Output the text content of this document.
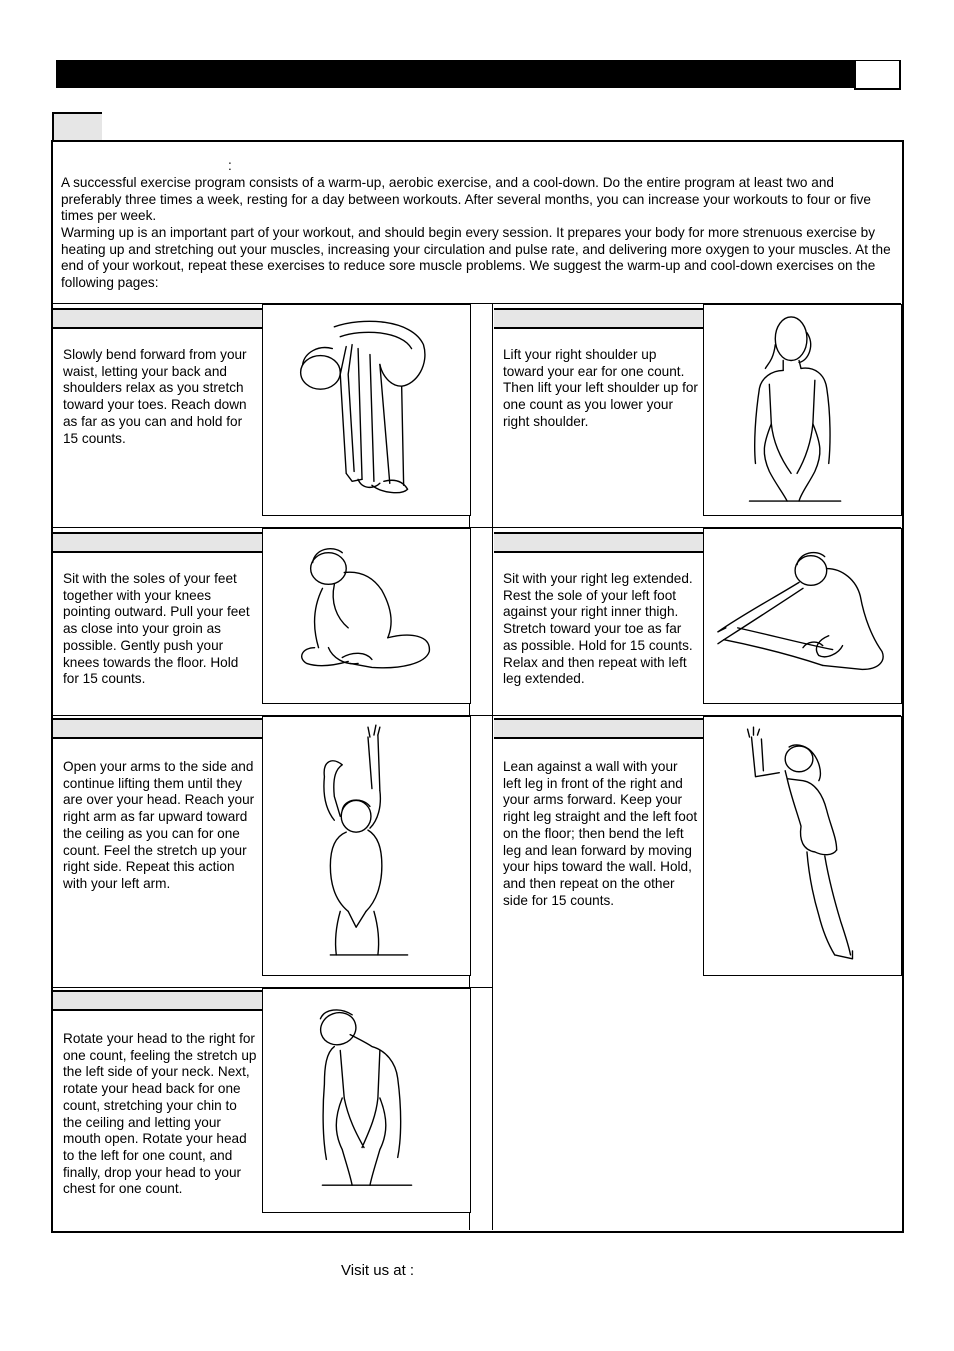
:
A successful exercise program consists of a warm-up, aerobic exercise, and a cool-down. Do the entire program at least two and preferably three times a week, resting for a day between workouts. After several months, you can increase your workouts to four or five times per week.
Warming up is an important part of your workout, and should begin every session. It prepares your body for more strenuous exercise by heating up and stretching out your muscles, increasing your circulation and pulse rate, and delivering more oxygen to your muscles. At the end of your workout, repeat these exercises to reduce sore muscle problems. We suggest the warm-up and cool-down exercises on the following pages:
Slowly bend forward from your waist, letting your back and shoulders relax as you stretch toward your toes. Reach down as far as you can and hold for 15 counts.
Lift your right shoulder up toward your ear for one count. Then lift your left shoulder up for one count as you lower your right shoulder.
Sit with the soles of your feet together with your knees pointing outward. Pull your feet as close into your groin as possible. Gently push your knees towards the floor. Hold for 15 counts.
Sit with your right leg extended. Rest the sole of your left foot against your right inner thigh. Stretch toward your toe as far as possible. Hold for 15 counts. Relax and then repeat with left leg extended.
Open your arms to the side and continue lifting them until they are over your head. Reach your right arm as far upward toward the ceiling as you can for one count. Feel the stretch up your right side. Repeat this action with your left arm.
Lean against a wall with your left leg in front of the right and your arms forward. Keep your right leg straight and the left foot on the floor; then bend the left leg and lean forward by moving your hips toward the wall. Hold, and then repeat on the other side for 15 counts.
Rotate your head to the right for one count, feeling the stretch up the left side of your neck. Next, rotate your head back for one count, stretching your chin to the ceiling and letting your mouth open. Rotate your head to the left for one count, and finally, drop your head to your chest for one count.
Visit us at :
